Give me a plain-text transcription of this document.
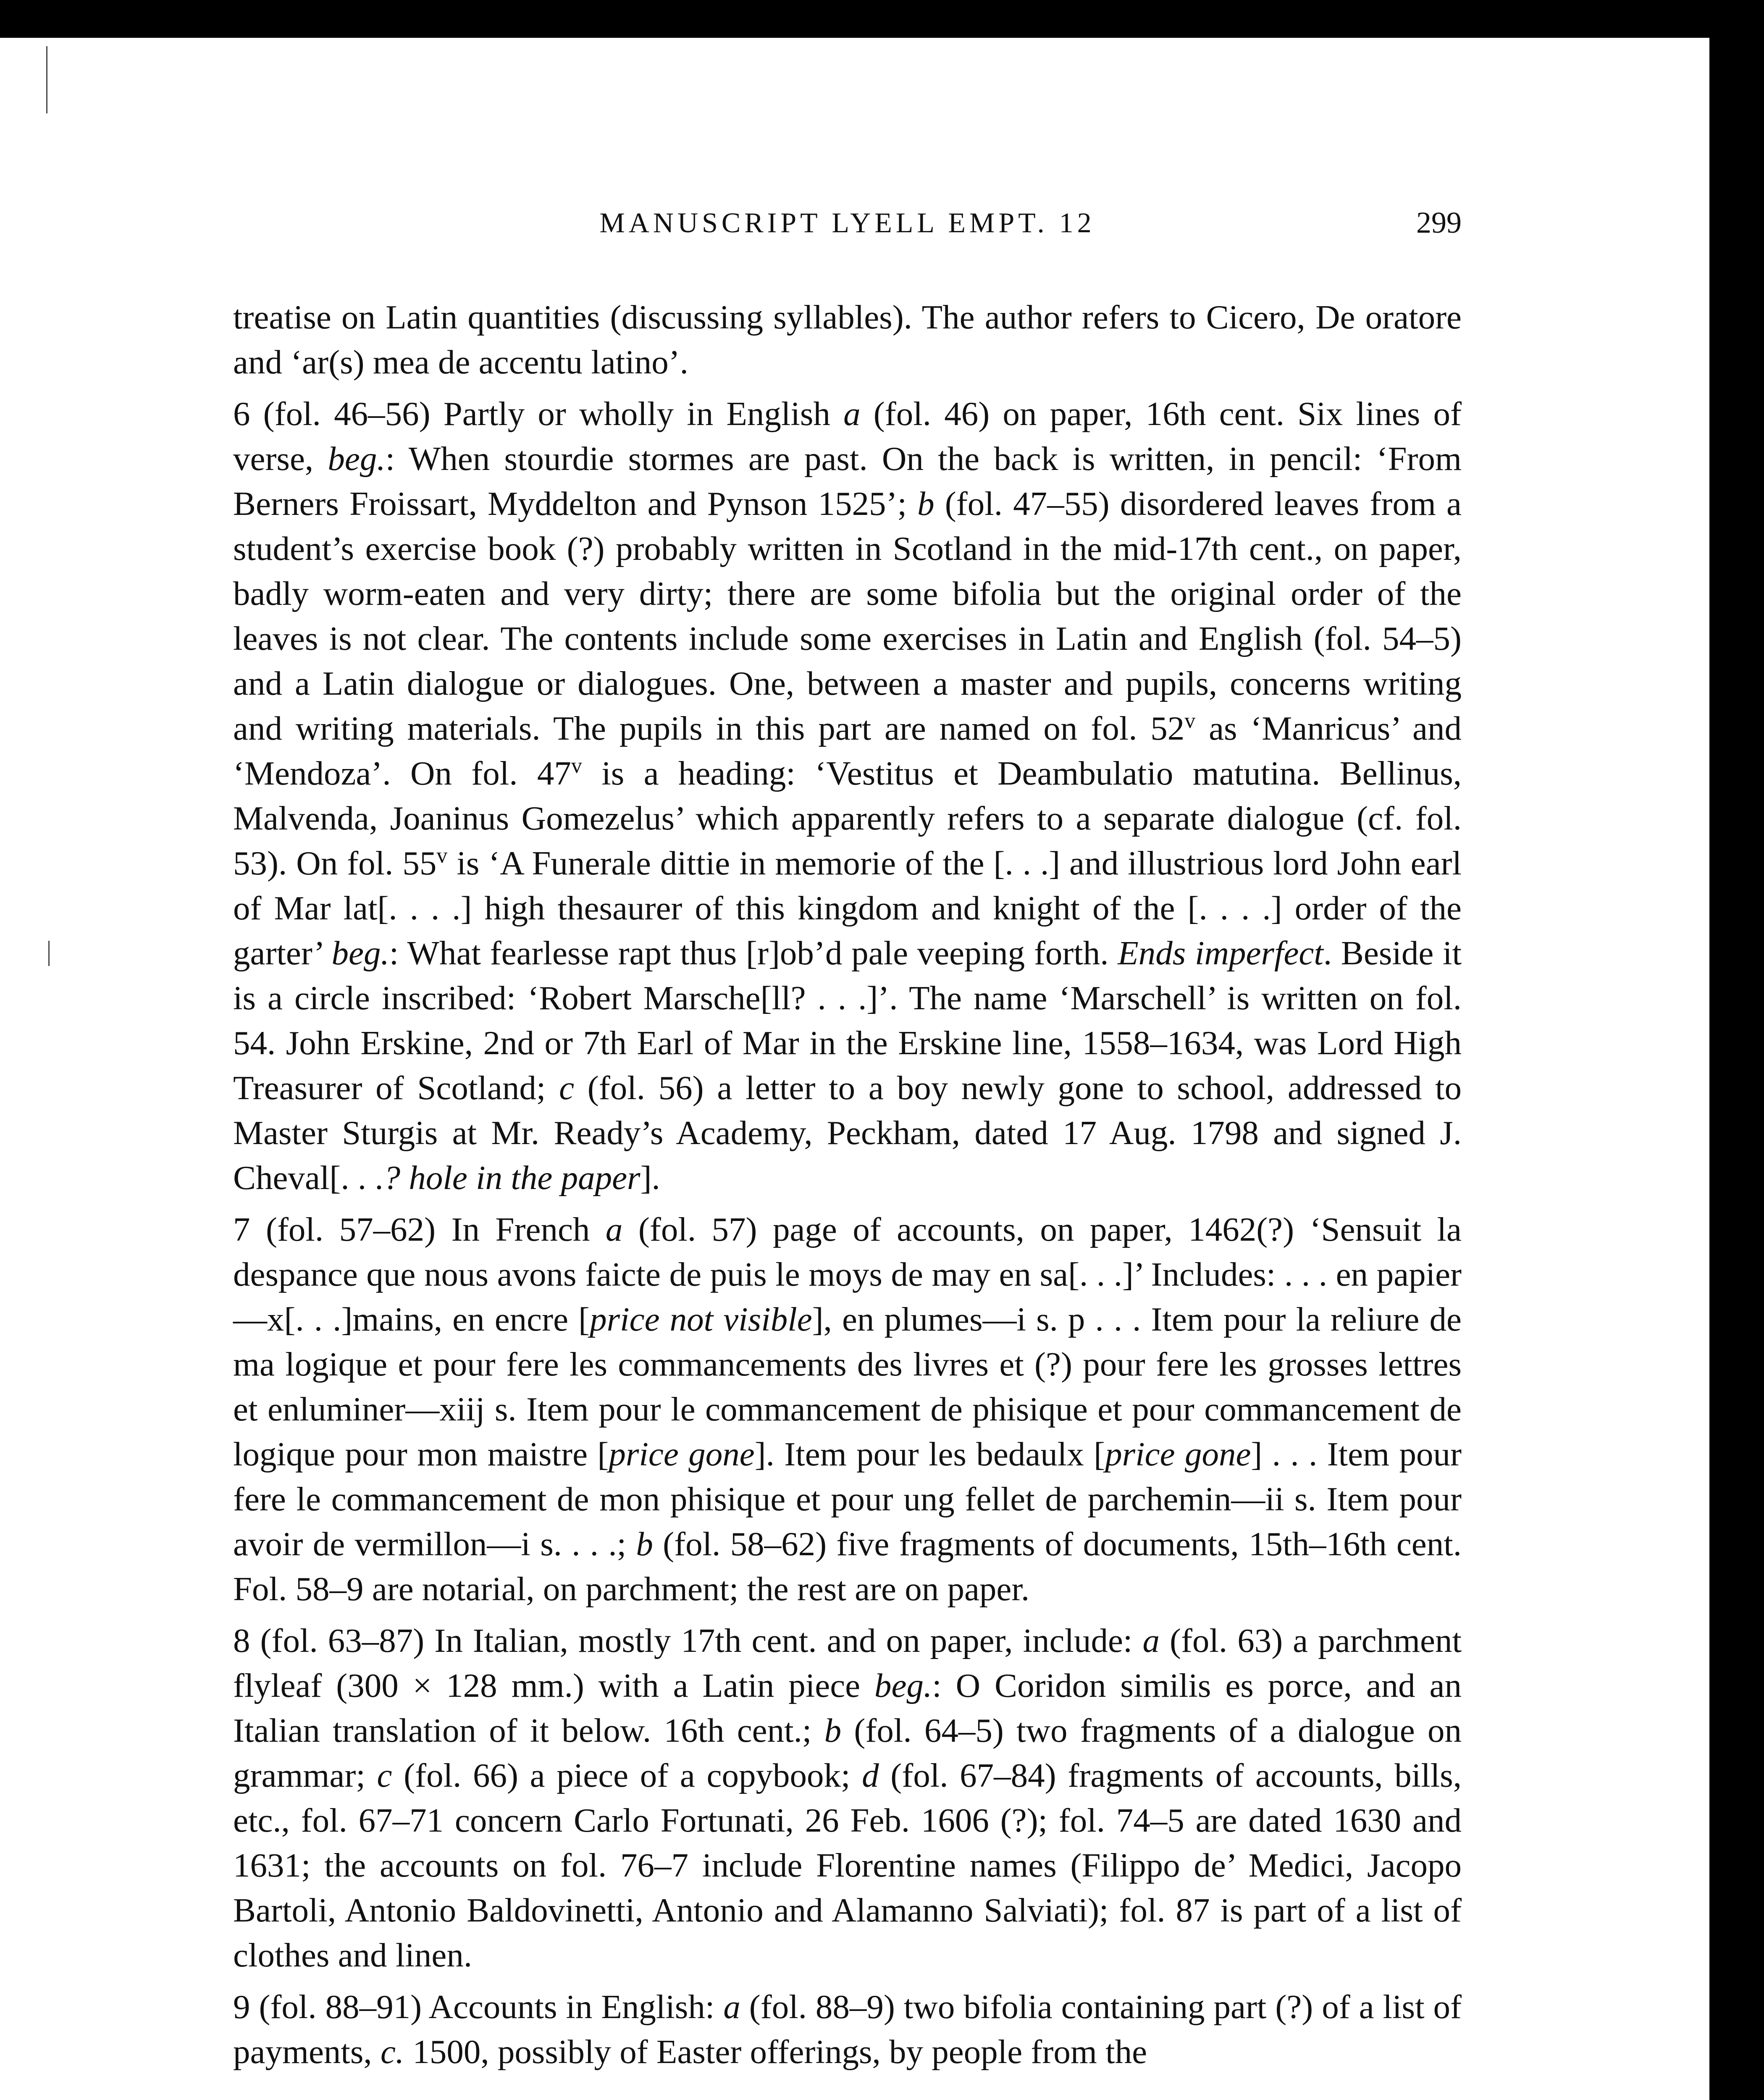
MANUSCRIPT LYELL EMPT. 12	299

treatise on Latin quantities (discussing syllables). The author refers to Cicero, De oratore and ‘ar(s) mea de accentu latino’.

6 (fol. 46–56) Partly or wholly in English a (fol. 46) on paper, 16th cent. Six lines of verse, beg.: When stourdie stormes are past. On the back is written, in pencil: ‘From Berners Froissart, Myddelton and Pynson 1525’; b (fol. 47–55) disordered leaves from a student’s exercise book (?) probably written in Scotland in the mid-17th cent., on paper, badly worm-eaten and very dirty; there are some bifolia but the original order of the leaves is not clear. The contents include some exercises in Latin and English (fol. 54–5) and a Latin dialogue or dialogues. One, between a master and pupils, concerns writing and writing materials. The pupils in this part are named on fol. 52$^v$ as ‘Manricus’ and ‘Mendoza’. On fol. 47$^v$ is a heading: ‘Vestitus et Deambulatio matutina. Bellinus, Malvenda, Joaninus Gomezelus’ which apparently refers to a separate dialogue (cf. fol. 53). On fol. 55$^v$ is ‘A Funerale dittie in memorie of the [. . .] and illustrious lord John earl of Mar lat[. . . .] high thesaurer of this kingdom and knight of the [. . . .] order of the garter’ beg.: What fearlesse rapt thus [r]ob’d pale veeping forth. Ends imperfect. Beside it is a circle inscribed: ‘Robert Marsche[ll? . . .]’. The name ‘Marschell’ is written on fol. 54. John Erskine, 2nd or 7th Earl of Mar in the Erskine line, 1558–1634, was Lord High Treasurer of Scotland; c (fol. 56) a letter to a boy newly gone to school, addressed to Master Sturgis at Mr. Ready’s Academy, Peckham, dated 17 Aug. 1798 and signed J. Cheval[. . .? hole in the paper].

7 (fol. 57–62) In French a (fol. 57) page of accounts, on paper, 1462(?) ‘Sensuit la despance que nous avons faicte de puis le moys de may en sa[. . .]’ Includes: . . . en papier—x[. . .]mains, en encre [price not visible], en plumes—i s. p . . . Item pour la reliure de ma logique et pour fere les commancements des livres et (?) pour fere les grosses lettres et enluminer—xiij s. Item pour le commancement de phisique et pour commancement de logique pour mon maistre [price gone]. Item pour les bedaulx [price gone] . . . Item pour fere le commancement de mon phisique et pour ung fellet de parchemin—ii s. Item pour avoir de vermillon—i s. . . .; b (fol. 58–62) five fragments of documents, 15th–16th cent. Fol. 58–9 are notarial, on parchment; the rest are on paper.

8 (fol. 63–87) In Italian, mostly 17th cent. and on paper, include: a (fol. 63) a parchment flyleaf (300 × 128 mm.) with a Latin piece beg.: O Coridon similis es porce, and an Italian translation of it below. 16th cent.; b (fol. 64–5) two fragments of a dialogue on grammar; c (fol. 66) a piece of a copybook; d (fol. 67–84) fragments of accounts, bills, etc., fol. 67–71 concern Carlo Fortunati, 26 Feb. 1606 (?); fol. 74–5 are dated 1630 and 1631; the accounts on fol. 76–7 include Florentine names (Filippo de’ Medici, Jacopo Bartoli, Antonio Baldovinetti, Antonio and Alamanno Salviati); fol. 87 is part of a list of clothes and linen.

9 (fol. 88–91) Accounts in English: a (fol. 88–9) two bifolia containing part (?) of a list of payments, c. 1500, possibly of Easter offerings, by people from the
